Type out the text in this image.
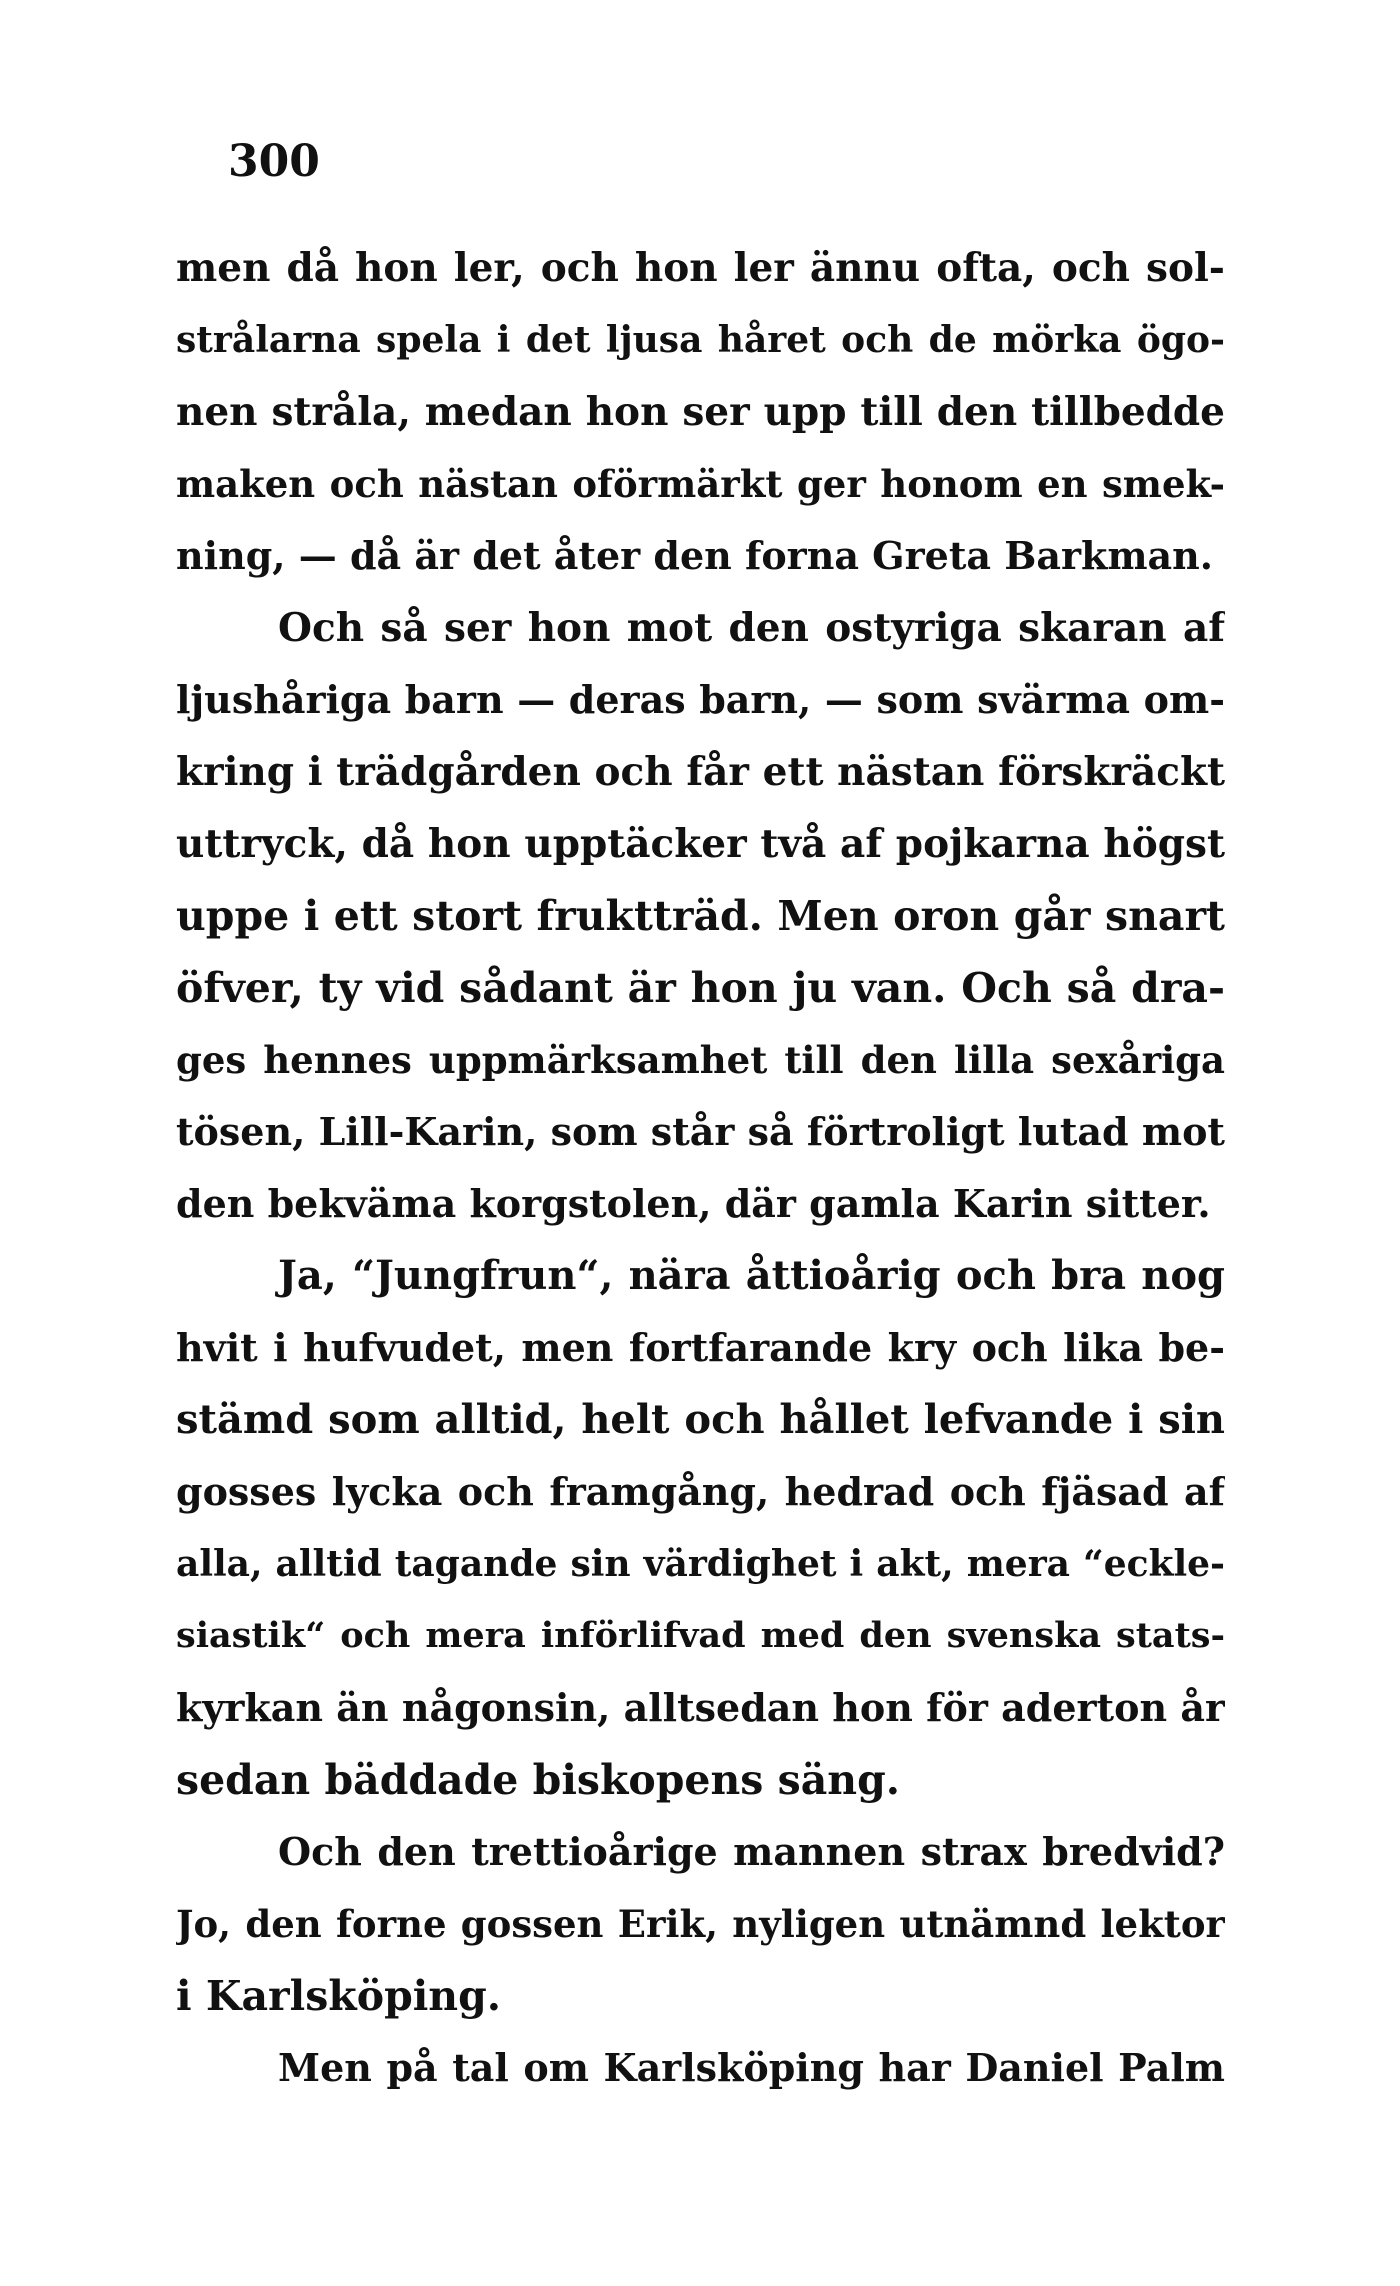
300
men då hon ler, och hon ler ännu ofta, och sol-
strålarna spela i det ljusa håret och de mörka ögo-
nen stråla, medan hon ser upp till den tillbedde
maken och nästan oförmärkt ger honom en smek-
ning, — då är det åter den forna Greta Barkman.
Och så ser hon mot den ostyriga skaran af
ljushåriga barn — deras barn, — som svärma om-
kring i trädgården och får ett nästan förskräckt
uttryck, då hon upptäcker två af pojkarna högst
uppe i ett stort fruktträd. Men oron går snart
öfver, ty vid sådant är hon ju van. Och så dra-
ges hennes uppmärksamhet till den lilla sexåriga
tösen, Lill-Karin, som står så förtroligt lutad mot
den bekväma korgstolen, där gamla Karin sitter.
Ja, “Jungfrun“, nära åttioårig och bra nog
hvit i hufvudet, men fortfarande kry och lika be-
stämd som alltid, helt och hållet lefvande i sin
gosses lycka och framgång, hedrad och fjäsad af
alla, alltid tagande sin värdighet i akt, mera “eckle-
siastik“ och mera införlifvad med den svenska stats-
kyrkan än någonsin, alltsedan hon för aderton år
sedan bäddade biskopens säng.
Och den trettioårige mannen strax bredvid?
Jo, den forne gossen Erik, nyligen utnämnd lektor
i Karlsköping.
Men på tal om Karlsköping har Daniel Palm
